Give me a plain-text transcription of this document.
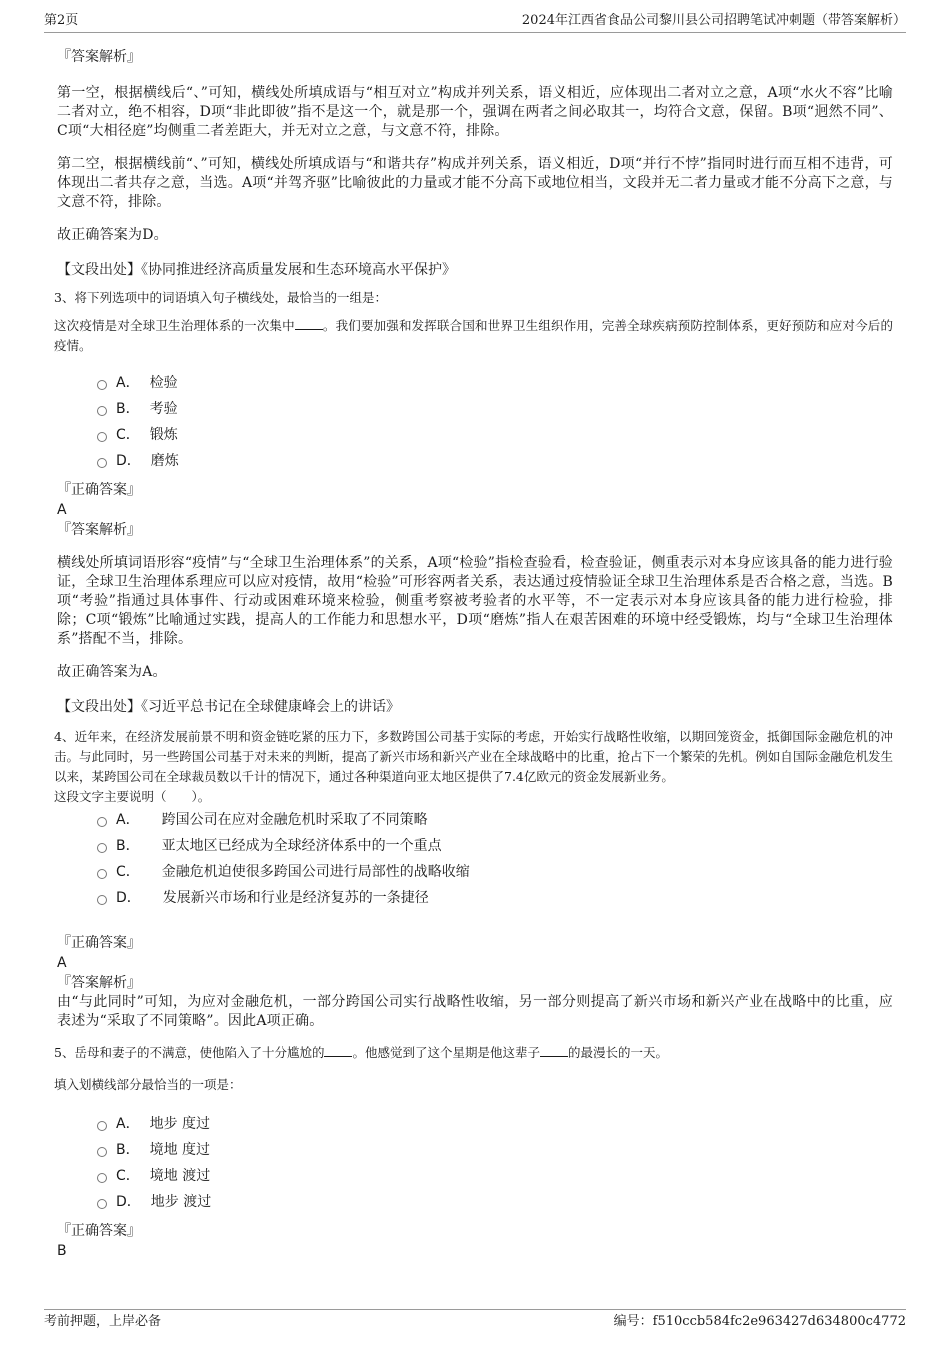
第2页	2024年江西省食品公司黎川县公司招聘笔试冲刺题（带答案解析）

『答案解析』

第一空，根据横线后“、”可知，横线处所填成语与“相互对立”构成并列关系，语义相近，应体现出二者对立之意，A项“水火不容”比喻二者对立，绝不相容，D项“非此即彼”指不是这一个，就是那一个，强调在两者之间必取其一，均符合文意，保留。B项“迥然不同”、C项“大相径庭”均侧重二者差距大，并无对立之意，与文意不符，排除。

第二空，根据横线前“、”可知，横线处所填成语与“和谐共存”构成并列关系，语义相近，D项“并行不悖”指同时进行而互相不违背，可体现出二者共存之意，当选。A项“并驾齐驱”比喻彼此的力量或才能不分高下或地位相当，文段并无二者力量或才能不分高下之意，与文意不符，排除。

故正确答案为D。

【文段出处】《协同推进经济高质量发展和生态环境高水平保护》

3、将下列选项中的词语填入句子横线处，最恰当的一组是：

这次疫情是对全球卫生治理体系的一次集中 。我们要加强和发挥联合国和世界卫生组织作用，完善全球疾病预防控制体系，更好预防和应对今后的疫情。

A． 检验
B． 考验
C． 锻炼
D． 磨炼

『正确答案』

A

『答案解析』

横线处所填词语形容“疫情”与“全球卫生治理体系”的关系，A项“检验”指检查验看，检查验证，侧重表示对本身应该具备的能力进行验证，全球卫生治理体系理应可以应对疫情，故用“检验”可形容两者关系，表达通过疫情验证全球卫生治理体系是否合格之意，当选。B项“考验”指通过具体事件、行动或困难环境来检验，侧重考察被考验者的水平等，不一定表示对本身应该具备的能力进行检验，排除；C项“锻炼”比喻通过实践，提高人的工作能力和思想水平，D项“磨炼”指人在艰苦困难的环境中经受锻炼，均与“全球卫生治理体系”搭配不当，排除。

故正确答案为A。

【文段出处】《习近平总书记在全球健康峰会上的讲话》

4、近年来，在经济发展前景不明和资金链吃紧的压力下，多数跨国公司基于实际的考虑，开始实行战略性收缩，以期回笼资金，抵御国际金融危机的冲击。与此同时，另一些跨国公司基于对未来的判断，提高了新兴市场和新兴产业在全球战略中的比重，抢占下一个繁荣的先机。例如自国际金融危机发生以来，某跨国公司在全球裁员数以千计的情况下，通过各种渠道向亚太地区提供了7.4亿欧元的资金发展新业务。

这段文字主要说明（　　）。

A． 跨国公司在应对金融危机时采取了不同策略
B． 亚太地区已经成为全球经济体系中的一个重点
C． 金融危机迫使很多跨国公司进行局部性的战略收缩
D． 发展新兴市场和行业是经济复苏的一条捷径

『正确答案』

A

『答案解析』

由“与此同时”可知，为应对金融危机，一部分跨国公司实行战略性收缩，另一部分则提高了新兴市场和新兴产业在战略中的比重，应表述为“采取了不同策略”。因此A项正确。

5、岳母和妻子的不满意，使他陷入了十分尴尬的 。他感觉到了这个星期是他这辈子 的最漫长的一天。

填入划横线部分最恰当的一项是：

A． 地步 度过
B． 境地 度过
C． 境地 渡过
D． 地步 渡过

『正确答案』

B

考前押题，上岸必备	编号：f510ccb584fc2e963427d634800c4772
